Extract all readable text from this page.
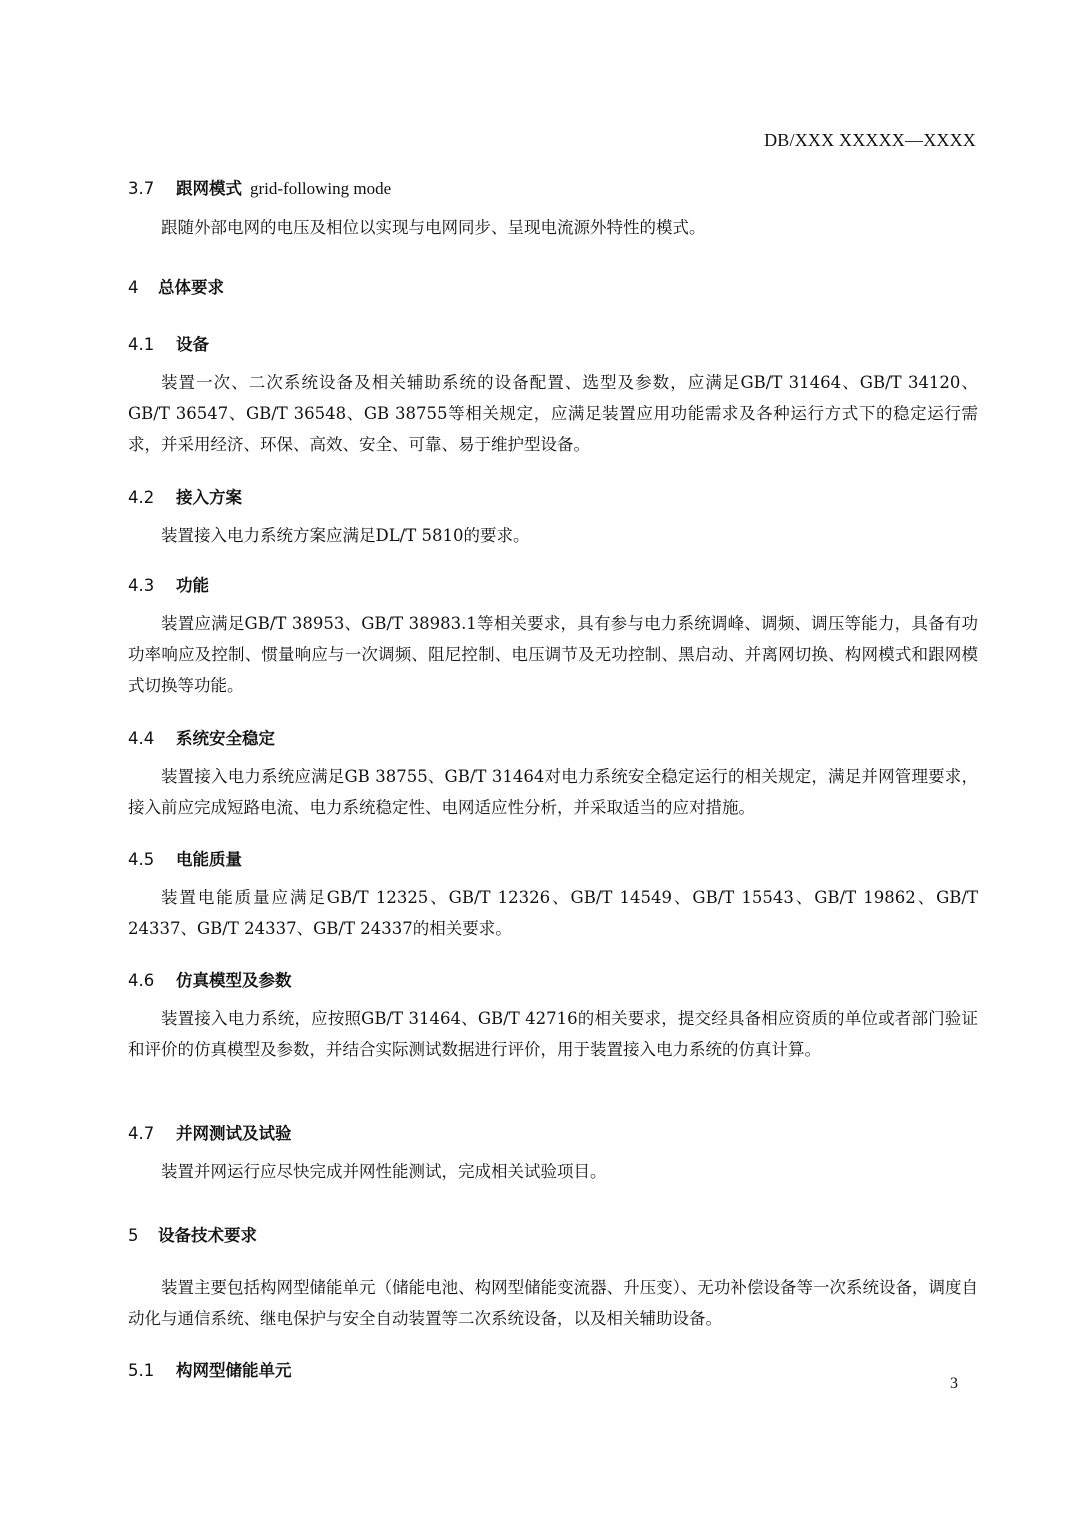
DB/XXX XXXXX—XXXX
3.7 跟网模式 grid-following mode

跟随外部电网的电压及相位以实现与电网同步、呈现电流源外特性的模式。

4 总体要求
4.1 设备

装置一次、二次系统设备及相关辅助系统的设备配置、选型及参数，应满足GB/T 31464、GB/T 34120、GB/T 36547、GB/T 36548、GB 38755等相关规定，应满足装置应用功能需求及各种运行方式下的稳定运行需求，并采用经济、环保、高效、安全、可靠、易于维护型设备。

4.2 接入方案

装置接入电力系统方案应满足DL/T 5810的要求。

4.3 功能

装置应满足GB/T 38953、GB/T 38983.1等相关要求，具有参与电力系统调峰、调频、调压等能力，具备有功功率响应及控制、惯量响应与一次调频、阻尼控制、电压调节及无功控制、黑启动、并离网切换、构网模式和跟网模式切换等功能。

4.4 系统安全稳定

装置接入电力系统应满足GB 38755、GB/T 31464对电力系统安全稳定运行的相关规定，满足并网管理要求，接入前应完成短路电流、电力系统稳定性、电网适应性分析，并采取适当的应对措施。

4.5 电能质量

装置电能质量应满足GB/T 12325、GB/T 12326、GB/T 14549、GB/T 15543、GB/T 19862、GB/T 24337、GB/T 24337、GB/T 24337的相关要求。

4.6 仿真模型及参数

装置接入电力系统，应按照GB/T 31464、GB/T 42716的相关要求，提交经具备相应资质的单位或者部门验证和评价的仿真模型及参数，并结合实际测试数据进行评价，用于装置接入电力系统的仿真计算。

4.7 并网测试及试验

装置并网运行应尽快完成并网性能测试，完成相关试验项目。

5 设备技术要求

装置主要包括构网型储能单元（储能电池、构网型储能变流器、升压变）、无功补偿设备等一次系统设备，调度自动化与通信系统、继电保护与安全自动装置等二次系统设备，以及相关辅助设备。

5.1 构网型储能单元
3
